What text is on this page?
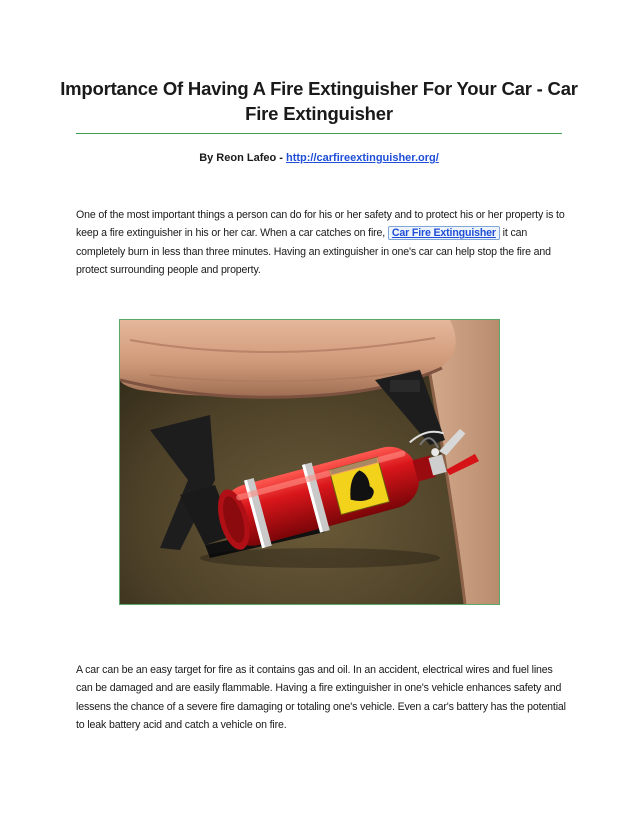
Importance Of Having A Fire Extinguisher For Your Car - Car Fire Extinguisher
By Reon Lafeo - http://carfireextinguisher.org/
One of the most important things a person can do for his or her safety and to protect his or her property is to keep a fire extinguisher in his or her car. When a car catches on fire, Car Fire Extinguisher it can completely burn in less than three minutes. Having an extinguisher in one's car can help stop the fire and protect surrounding people and property.
A car can be an easy target for fire as it contains gas and oil. In an accident, electrical wires and fuel lines can be damaged and are easily flammable. Having a fire extinguisher in one's vehicle enhances safety and lessens the chance of a severe fire damaging or totaling one's vehicle. Even a car's battery has the potential to leak battery acid and catch a vehicle on fire.
